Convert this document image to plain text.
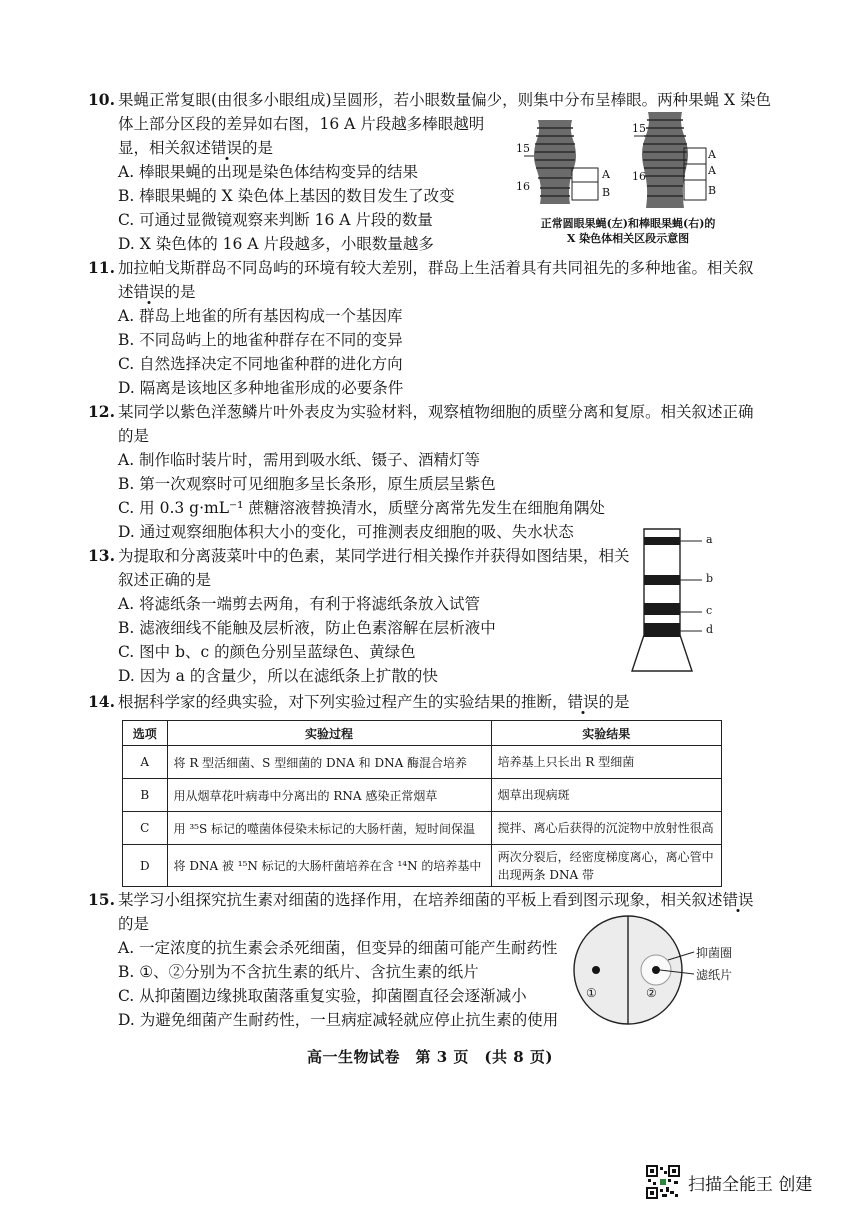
10. 果蝇正常复眼(由很多小眼组成)呈圆形，若小眼数量偏少，则集中分布呈棒眼。两种果蝇 X 染色
体上部分区段的差异如右图，16 A 片段越多棒眼越明
显，相关叙述错误的是
A. 棒眼果蝇的出现是染色体结构变异的结果
B. 棒眼果蝇的 X 染色体上基因的数目发生了改变
C. 可通过显微镜观察来判断 16 A 片段的数量
D. X 染色体的 16 A 片段越多，小眼数量越多
15
16
A
B
15
16
A
A
B
正常圆眼果蝇(左)和棒眼果蝇(右)的
X 染色体相关区段示意图
11. 加拉帕戈斯群岛不同岛屿的环境有较大差别，群岛上生活着具有共同祖先的多种地雀。相关叙
述错误的是
A. 群岛上地雀的所有基因构成一个基因库
B. 不同岛屿上的地雀种群存在不同的变异
C. 自然选择决定不同地雀种群的进化方向
D. 隔离是该地区多种地雀形成的必要条件
12. 某同学以紫色洋葱鳞片叶外表皮为实验材料，观察植物细胞的质壁分离和复原。相关叙述正确
的是
A. 制作临时装片时，需用到吸水纸、镊子、酒精灯等
B. 第一次观察时可见细胞多呈长条形，原生质层呈紫色
C. 用 0.3 g·mL⁻¹ 蔗糖溶液替换清水，质壁分离常先发生在细胞角隅处
D. 通过观察细胞体积大小的变化，可推测表皮细胞的吸、失水状态
13. 为提取和分离菠菜叶中的色素，某同学进行相关操作并获得如图结果，相关
叙述正确的是
A. 将滤纸条一端剪去两角，有利于将滤纸条放入试管
B. 滤液细线不能触及层析液，防止色素溶解在层析液中
C. 图中 b、c 的颜色分别呈蓝绿色、黄绿色
D. 因为 a 的含量少，所以在滤纸条上扩散的快
a
b
c
d
14. 根据科学家的经典实验，对下列实验过程产生的实验结果的推断，错误的是
选项	实验过程	实验结果
A	将 R 型活细菌、S 型细菌的 DNA 和 DNA 酶混合培养	培养基上只长出 R 型细菌
B	用从烟草花叶病毒中分离出的 RNA 感染正常烟草	烟草出现病斑
C	用 ³⁵S 标记的噬菌体侵染未标记的大肠杆菌，短时间保温	搅拌、离心后获得的沉淀物中放射性很高
D	将 DNA 被 ¹⁵N 标记的大肠杆菌培养在含 ¹⁴N 的培养基中	两次分裂后，经密度梯度离心，离心管中出现两条 DNA 带
15. 某学习小组探究抗生素对细菌的选择作用，在培养细菌的平板上看到图示现象，相关叙述错误
的是
A. 一定浓度的抗生素会杀死细菌，但变异的细菌可能产生耐药性
B. ①、②分别为不含抗生素的纸片、含抗生素的纸片
C. 从抑菌圈边缘挑取菌落重复实验，抑菌圈直径会逐渐减小
D. 为避免细菌产生耐药性，一旦病症减轻就应停止抗生素的使用
①	②
抑菌圈
滤纸片
高一生物试卷　第 3 页　(共 8 页)
扫描全能王 创建
